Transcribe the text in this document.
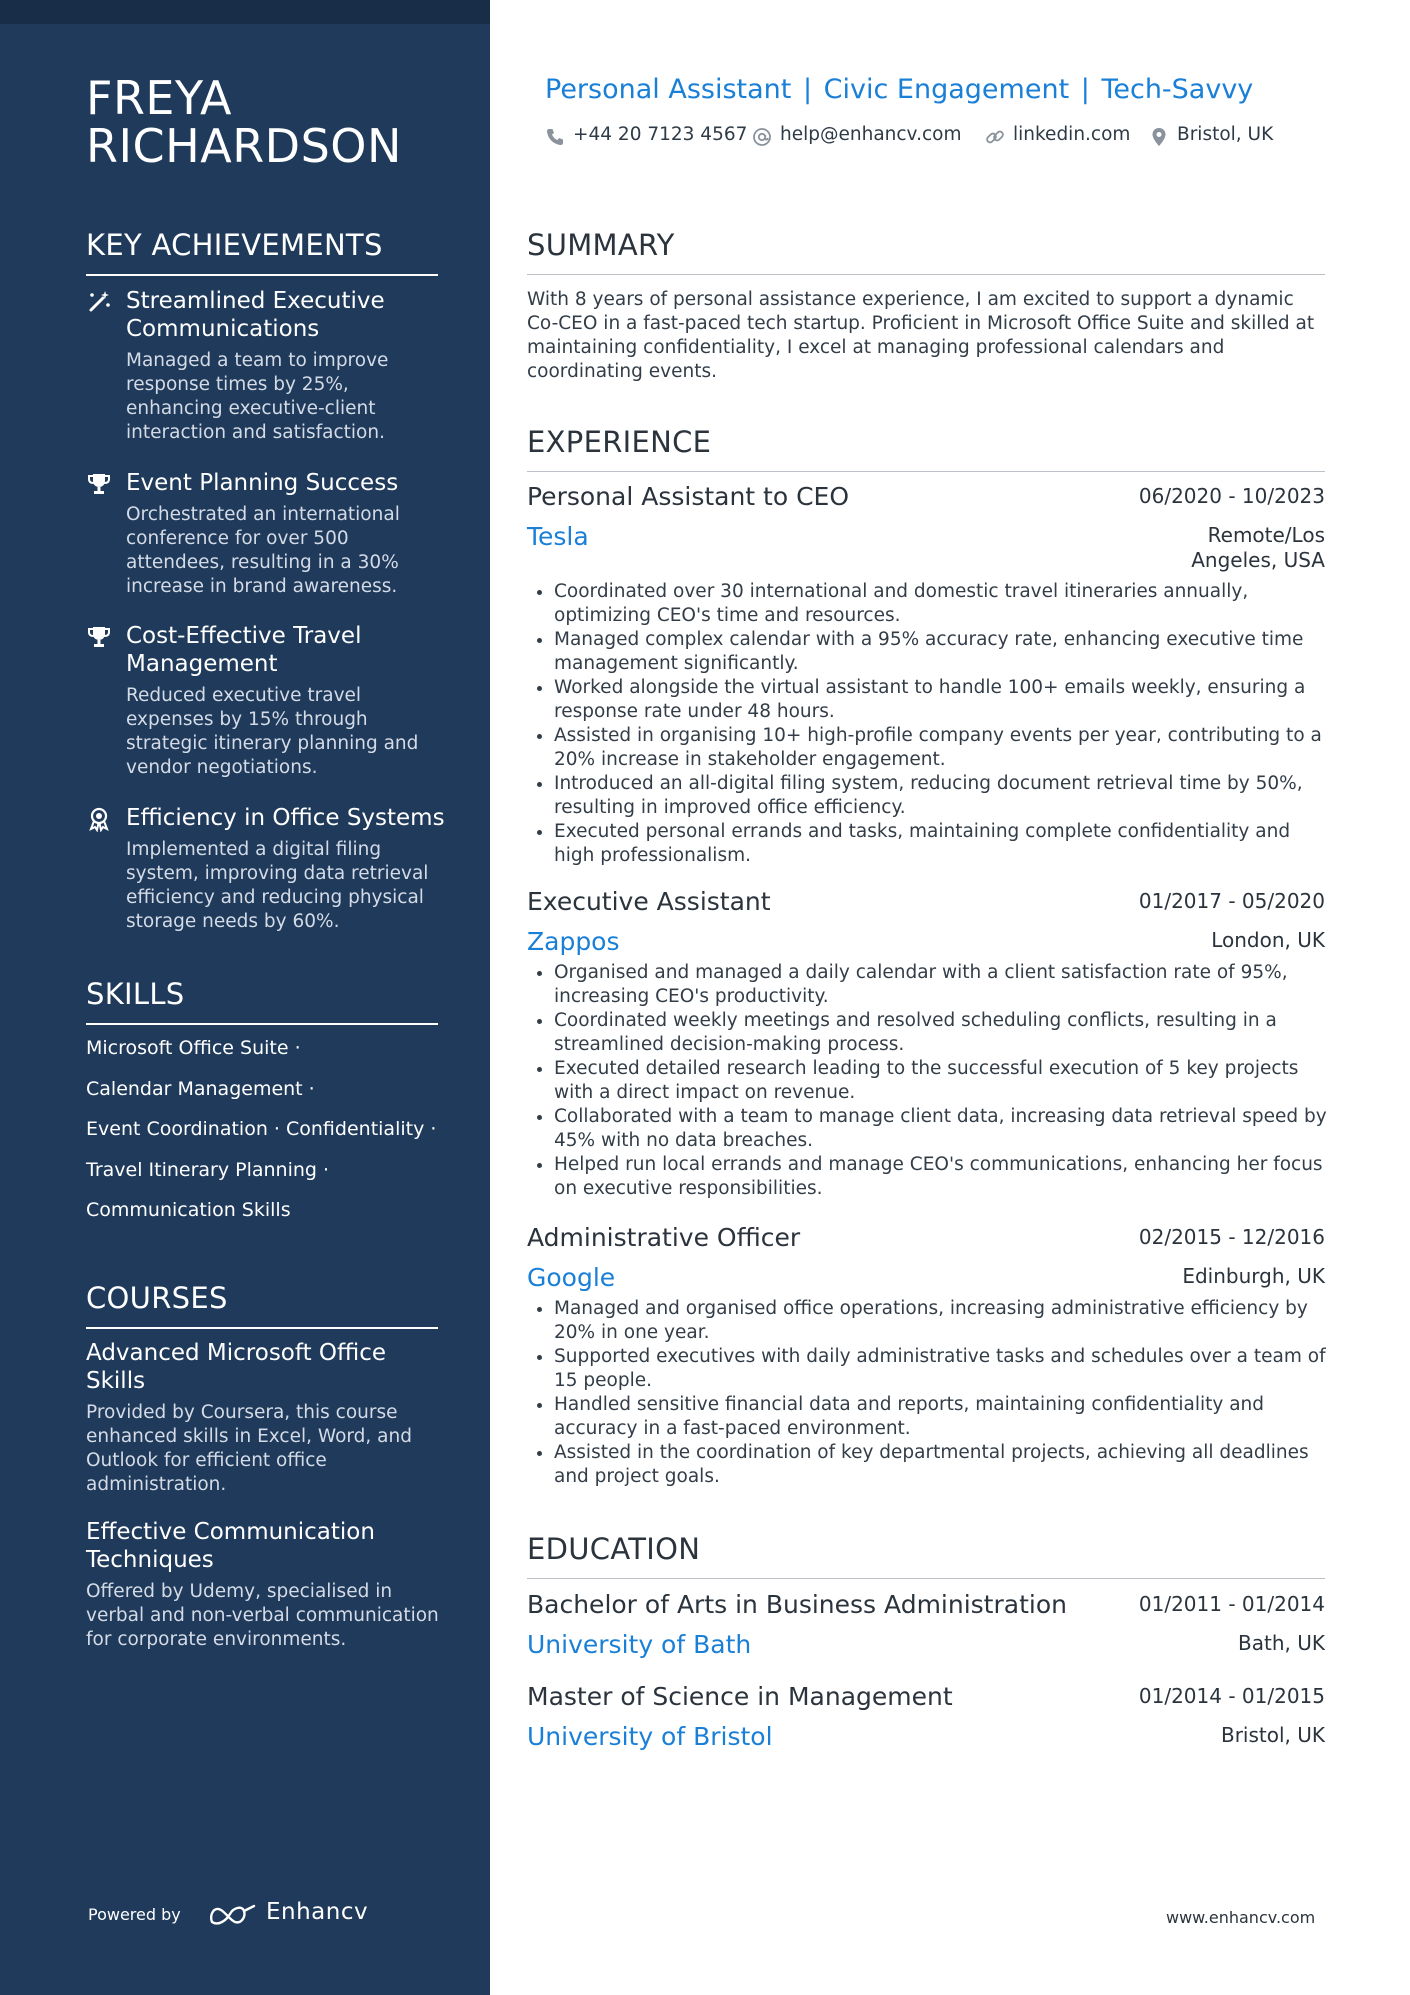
FREYA
RICHARDSON
KEY ACHIEVEMENTS
Streamlined Executive Communications
Managed a team to improve response times by 25%, enhancing executive-client interaction and satisfaction.
Event Planning Success
Orchestrated an international conference for over 500 attendees, resulting in a 30% increase in brand awareness.
Cost-Effective Travel Management
Reduced executive travel expenses by 15% through strategic itinerary planning and vendor negotiations.
Efficiency in Office Systems
Implemented a digital filing system, improving data retrieval efficiency and reducing physical storage needs by 60%.
SKILLS
Microsoft Office Suite ·
Calendar Management ·
Event Coordination · Confidentiality ·
Travel Itinerary Planning ·
Communication Skills
COURSES
Advanced Microsoft Office Skills
Provided by Coursera, this course enhanced skills in Excel, Word, and Outlook for efficient office administration.
Effective Communication Techniques
Offered by Udemy, specialised in verbal and non-verbal communication for corporate environments.
Powered by	Enhancv
Personal Assistant | Civic Engagement | Tech-Savvy
+44 20 7123 4567	help@enhancv.com	linkedin.com	Bristol, UK
SUMMARY
With 8 years of personal assistance experience, I am excited to support a dynamic Co-CEO in a fast-paced tech startup. Proficient in Microsoft Office Suite and skilled at maintaining confidentiality, I excel at managing professional calendars and coordinating events.
EXPERIENCE
Personal Assistant to CEO	06/2020 - 10/2023
Tesla	Remote/Los
Angeles, USA
• Coordinated over 30 international and domestic travel itineraries annually, optimizing CEO's time and resources.
• Managed complex calendar with a 95% accuracy rate, enhancing executive time management significantly.
• Worked alongside the virtual assistant to handle 100+ emails weekly, ensuring a response rate under 48 hours.
• Assisted in organising 10+ high-profile company events per year, contributing to a 20% increase in stakeholder engagement.
• Introduced an all-digital filing system, reducing document retrieval time by 50%, resulting in improved office efficiency.
• Executed personal errands and tasks, maintaining complete confidentiality and high professionalism.
Executive Assistant	01/2017 - 05/2020
Zappos	London, UK
• Organised and managed a daily calendar with a client satisfaction rate of 95%, increasing CEO's productivity.
• Coordinated weekly meetings and resolved scheduling conflicts, resulting in a streamlined decision-making process.
• Executed detailed research leading to the successful execution of 5 key projects with a direct impact on revenue.
• Collaborated with a team to manage client data, increasing data retrieval speed by 45% with no data breaches.
• Helped run local errands and manage CEO's communications, enhancing her focus on executive responsibilities.
Administrative Officer	02/2015 - 12/2016
Google	Edinburgh, UK
• Managed and organised office operations, increasing administrative efficiency by 20% in one year.
• Supported executives with daily administrative tasks and schedules over a team of 15 people.
• Handled sensitive financial data and reports, maintaining confidentiality and accuracy in a fast-paced environment.
• Assisted in the coordination of key departmental projects, achieving all deadlines and project goals.
EDUCATION
Bachelor of Arts in Business Administration	01/2011 - 01/2014
University of Bath	Bath, UK
Master of Science in Management	01/2014 - 01/2015
University of Bristol	Bristol, UK
www.enhancv.com
